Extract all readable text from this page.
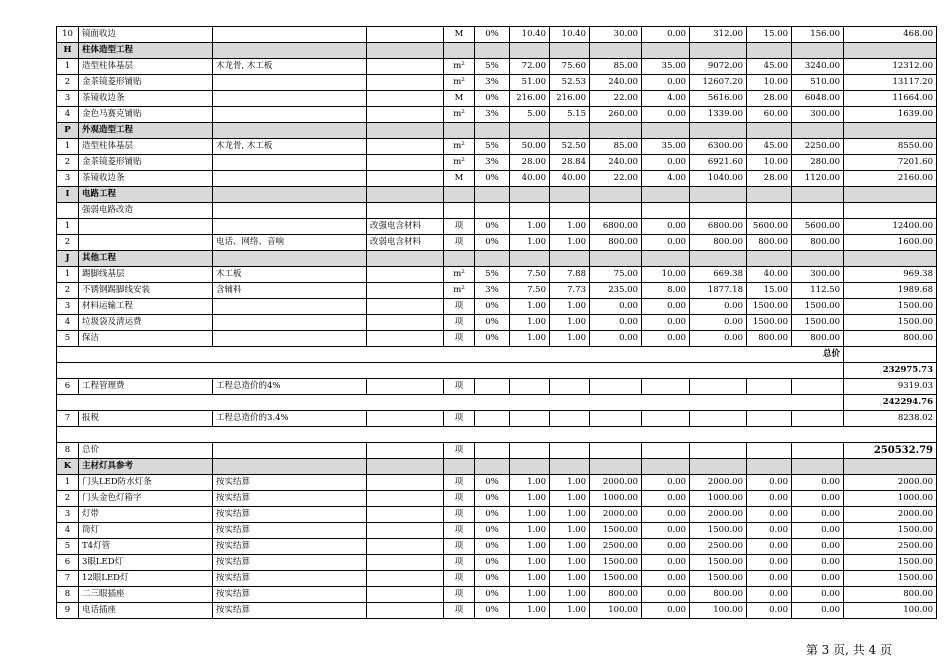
10	镜面收边			M	0%	10.40	10.40	30.00	0.00	312.00	15.00	156.00	468.00
H	柱体造型工程												
1	造型柱体基层	木龙骨, 木工板		m²	5%	72.00	75.60	85.00	35.00	9072.00	45.00	3240.00	12312.00
2	金茶镜菱形铺贴			m²	3%	51.00	52.53	240.00	0.00	12607.20	10.00	510.00	13117.20
3	茶镜收边条			M	0%	216.00	216.00	22.00	4.00	5616.00	28.00	6048.00	11664.00
4	金色马赛克铺贴			m²	3%	5.00	5.15	260.00	0.00	1339.00	60.00	300.00	1639.00
P	外观造型工程												
1	造型柱体基层	木龙骨, 木工板		m²	5%	50.00	52.50	85.00	35.00	6300.00	45.00	2250.00	8550.00
2	金茶镜菱形铺贴			m²	3%	28.00	28.84	240.00	0.00	6921.60	10.00	280.00	7201.60
3	茶镜收边条			M	0%	40.00	40.00	22.00	4.00	1040.00	28.00	1120.00	2160.00
I	电路工程												
	强弱电路改造												
1			改强电含材料	项	0%	1.00	1.00	6800.00	0.00	6800.00	5600.00	5600.00	12400.00
2		电话、网络、音响	改弱电含材料	项	0%	1.00	1.00	800.00	0.00	800.00	800.00	800.00	1600.00
J	其他工程												
1	踢脚线基层	木工板		m²	5%	7.50	7.88	75.00	10.00	669.38	40.00	300.00	969.38
2	不锈钢踢脚线安装	含辅料		m²	3%	7.50	7.73	235.00	8.00	1877.18	15.00	112.50	1989.68
3	材料运输工程			项	0%	1.00	1.00	0.00	0.00	0.00	1500.00	1500.00	1500.00
4	垃圾袋及清运费			项	0%	1.00	1.00	0.00	0.00	0.00	1500.00	1500.00	1500.00
5	保洁			项	0%	1.00	1.00	0.00	0.00	0.00	800.00	800.00	800.00
												总价	
													232975.73
6	工程管理费	工程总造价的4%		项									9319.03
													242294.76
7	报税	工程总造价的3.4%		项									8238.02

8	总价			项									250532.79
K	主材灯具参考												
1	门头LED防水灯条	按实结算		项	0%	1.00	1.00	2000.00	0.00	2000.00	0.00	0.00	2000.00
2	门头金色灯箱字	按实结算		项	0%	1.00	1.00	1000.00	0.00	1000.00	0.00	0.00	1000.00
3	灯带	按实结算		项	0%	1.00	1.00	2000.00	0.00	2000.00	0.00	0.00	2000.00
4	筒灯	按实结算		项	0%	1.00	1.00	1500.00	0.00	1500.00	0.00	0.00	1500.00
5	T4灯管	按实结算		项	0%	1.00	1.00	2500.00	0.00	2500.00	0.00	0.00	2500.00
6	3眼LED灯	按实结算		项	0%	1.00	1.00	1500.00	0.00	1500.00	0.00	0.00	1500.00
7	12眼LED灯	按实结算		项	0%	1.00	1.00	1500.00	0.00	1500.00	0.00	0.00	1500.00
8	二三眼插座	按实结算		项	0%	1.00	1.00	800.00	0.00	800.00	0.00	0.00	800.00
9	电话插座	按实结算		项	0%	1.00	1.00	100.00	0.00	100.00	0.00	0.00	100.00
第 3 页, 共 4 页
